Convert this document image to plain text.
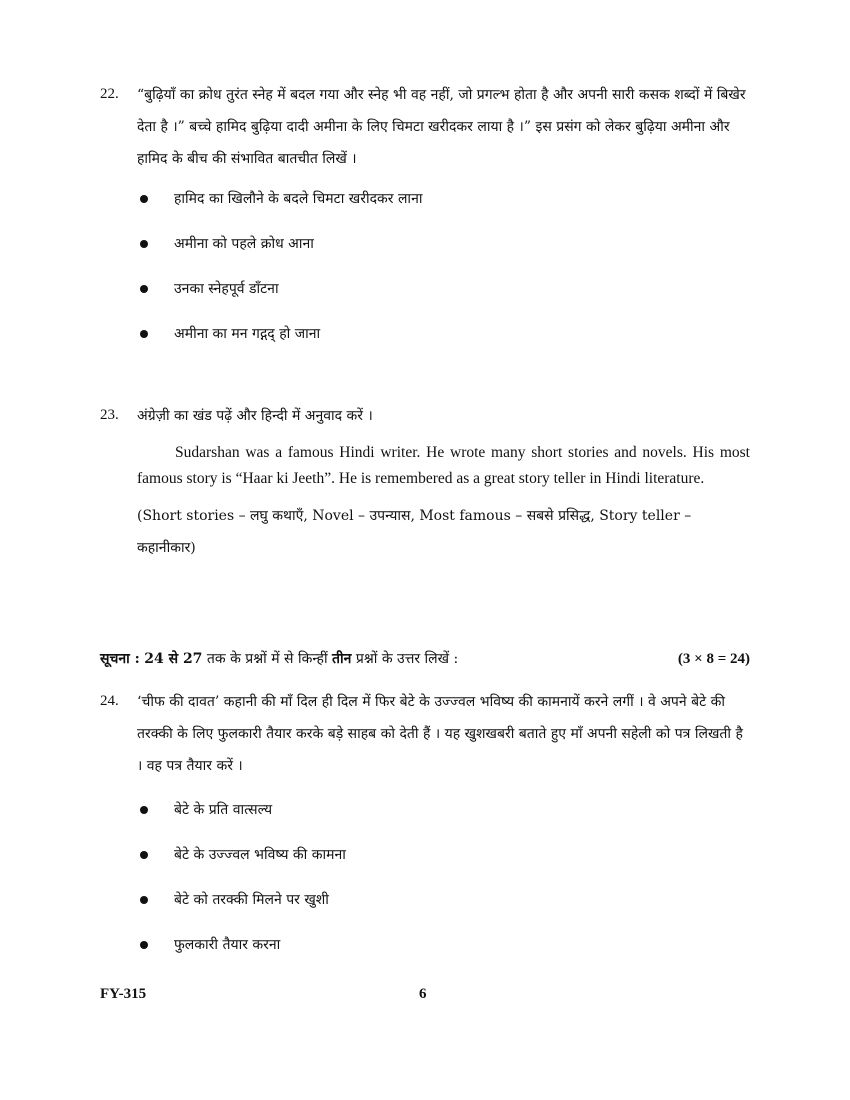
22. “बुढ़ियाँ का क्रोध तुरंत स्नेह में बदल गया और स्नेह भी वह नहीं, जो प्रगल्भ होता है और अपनी सारी कसक शब्दों में बिखेर देता है ।” बच्चे हामिद बुढ़िया दादी अमीना के लिए चिमटा खरीदकर लाया है ।” इस प्रसंग को लेकर बुढ़िया अमीना और हामिद के बीच की संभावित बातचीत लिखें ।
हामिद का खिलौने के बदले चिमटा खरीदकर लाना
अमीना को पहले क्रोध आना
उनका स्नेहपूर्व डाँटना
अमीना का मन गद्गद् हो जाना
23. अंग्रेज़ी का खंड पढ़ें और हिन्दी में अनुवाद करें ।
Sudarshan was a famous Hindi writer. He wrote many short stories and novels. His most famous story is “Haar ki Jeeth”. He is remembered as a great story teller in Hindi literature.
(Short stories – लघु कथाएँ, Novel – उपन्यास, Most famous – सबसे प्रसिद्ध, Story teller – कहानीकार)
सूचना : 24 से 27 तक के प्रश्नों में से किन्हीं तीन प्रश्नों के उत्तर लिखें :	(3 × 8 = 24)
24. ‘चीफ की दावत’ कहानी की माँ दिल ही दिल में फिर बेटे के उज्ज्वल भविष्य की कामनायें करने लगीं । वे अपने बेटे की तरक्की के लिए फुलकारी तैयार करके बड़े साहब को देती हैं । यह खुशखबरी बताते हुए माँ अपनी सहेली को पत्र लिखती है । वह पत्र तैयार करें ।
बेटे के प्रति वात्सल्य
बेटे के उज्ज्वल भविष्य की कामना
बेटे को तरक्की मिलने पर खुशी
फुलकारी तैयार करना
FY-315	6
